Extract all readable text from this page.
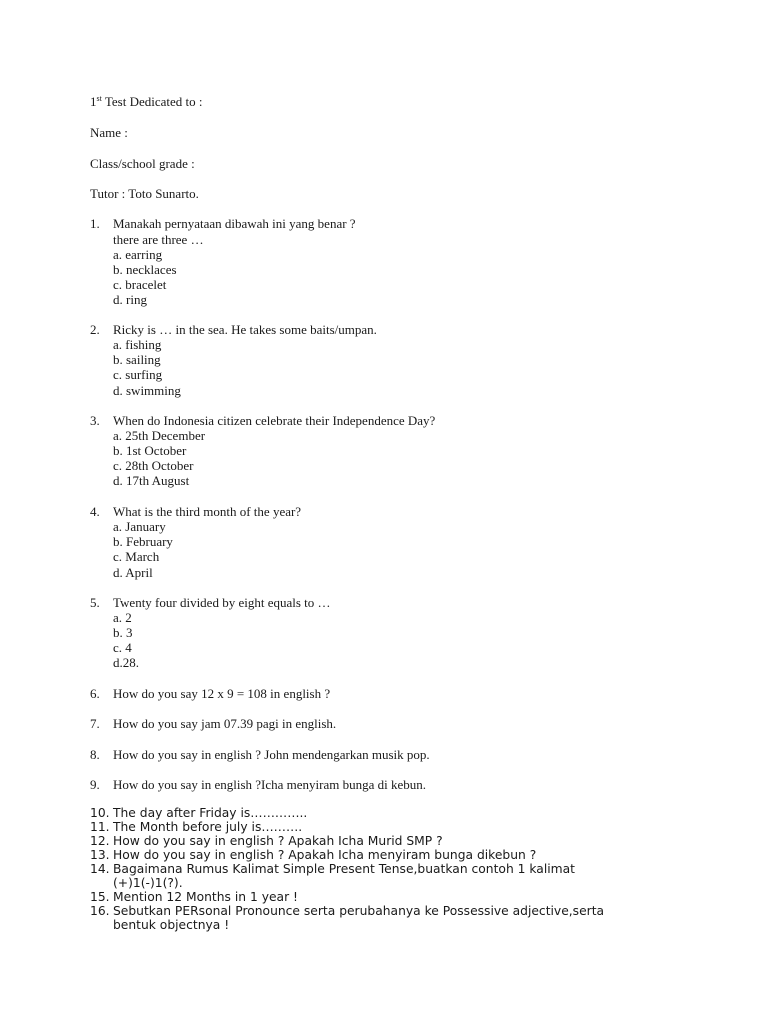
1st Test Dedicated to :
Name :
Class/school grade :
Tutor : Toto Sunarto.
1. Manakah pernyataan dibawah ini yang benar ?
there are three …
a. earring
b. necklaces
c. bracelet
d. ring
2. Ricky is … in the sea. He takes some baits/umpan.
a. fishing
b. sailing
c. surfing
d. swimming
3. When do Indonesia citizen celebrate their Independence Day?
a. 25th December
b. 1st October
c. 28th October
d. 17th August
4. What is the third month of the year?
a. January
b. February
c. March
d. April
5. Twenty four divided by eight equals to …
a. 2
b. 3
c. 4
d.28.
6. How do you say 12 x 9 = 108 in english ?
7. How do you say jam 07.39 pagi in english.
8. How do you say in english ? John mendengarkan musik pop.
9. How do you say in english ?Icha menyiram bunga di kebun.
10. The day after Friday is…………..
11. The Month before july is……….
12. How do you say in english ? Apakah Icha Murid SMP ?
13. How do you say in english ? Apakah Icha menyiram bunga dikebun ?
14. Bagaimana Rumus Kalimat Simple Present Tense,buatkan contoh 1 kalimat
(+)1(-)1(?).
15. Mention 12 Months in 1 year !
16. Sebutkan PERsonal Pronounce serta perubahanya ke Possessive adjective,serta
bentuk objectnya !
